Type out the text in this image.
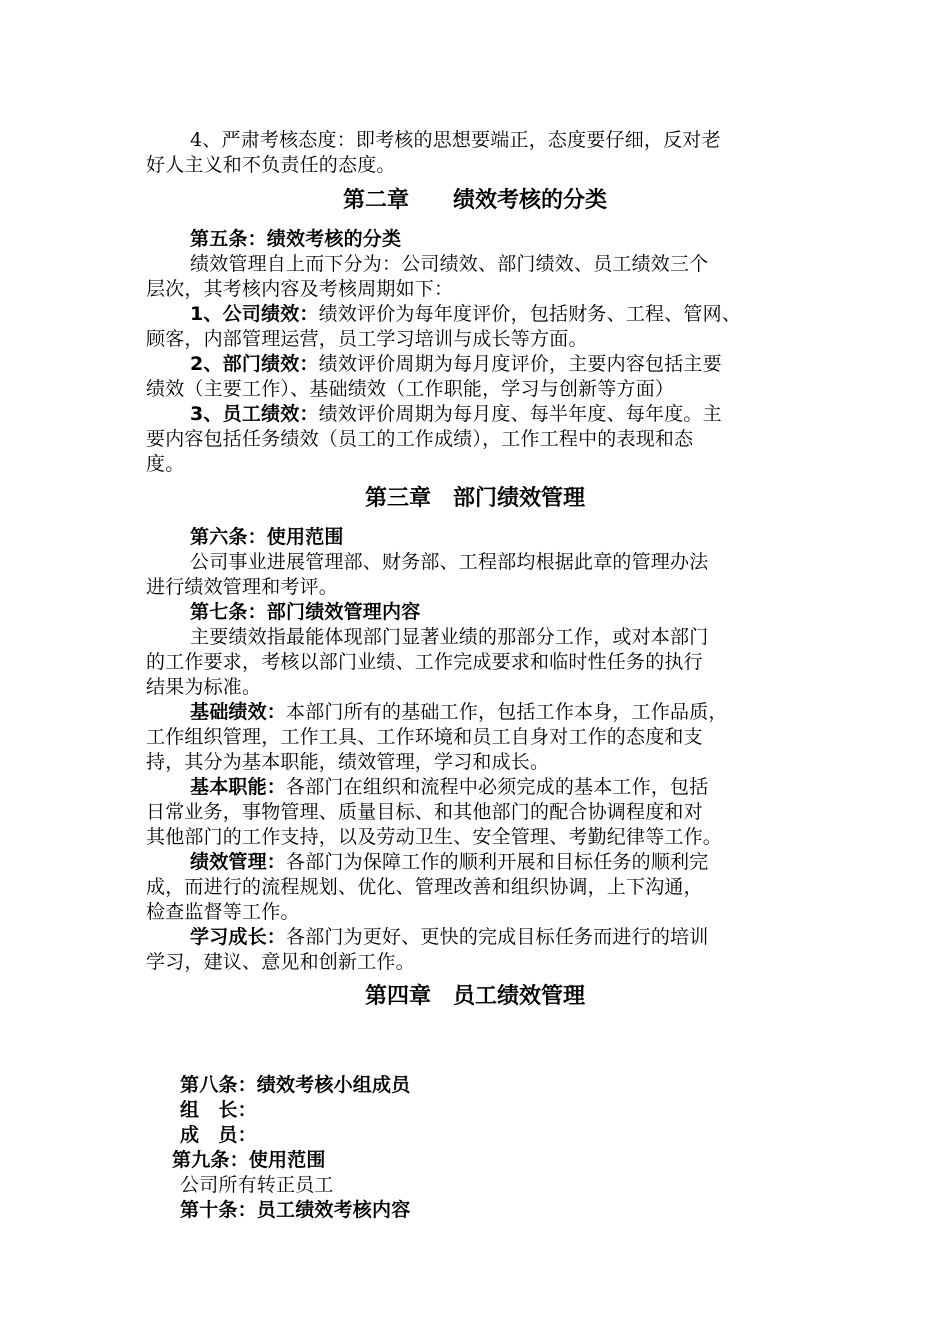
4、严肃考核态度：即考核的思想要端正，态度要仔细，反对老
好人主义和不负责任的态度。
第二章　　绩效考核的分类
第五条：绩效考核的分类
绩效管理自上而下分为：公司绩效、部门绩效、员工绩效三个
层次，其考核内容及考核周期如下：
1、公司绩效：绩效评价为每年度评价，包括财务、工程、管网、
顾客，内部管理运营，员工学习培训与成长等方面。
2、部门绩效：绩效评价周期为每月度评价，主要内容包括主要
绩效（主要工作）、基础绩效（工作职能，学习与创新等方面）
3、员工绩效：绩效评价周期为每月度、每半年度、每年度。主
要内容包括任务绩效（员工的工作成绩），工作工程中的表现和态
度。
第三章　部门绩效管理
第六条：使用范围
公司事业进展管理部、财务部、工程部均根据此章的管理办法
进行绩效管理和考评。
第七条：部门绩效管理内容
主要绩效指最能体现部门显著业绩的那部分工作，或对本部门
的工作要求，考核以部门业绩、工作完成要求和临时性任务的执行
结果为标准。
基础绩效：本部门所有的基础工作，包括工作本身，工作品质，
工作组织管理，工作工具、工作环境和员工自身对工作的态度和支
持，其分为基本职能，绩效管理，学习和成长。
基本职能：各部门在组织和流程中必须完成的基本工作，包括
日常业务，事物管理、质量目标、和其他部门的配合协调程度和对
其他部门的工作支持，以及劳动卫生、安全管理、考勤纪律等工作。
绩效管理：各部门为保障工作的顺利开展和目标任务的顺利完
成，而进行的流程规划、优化、管理改善和组织协调，上下沟通，
检查监督等工作。
学习成长：各部门为更好、更快的完成目标任务而进行的培训
学习，建议、意见和创新工作。
第四章　员工绩效管理
第八条：绩效考核小组成员
组　长：
成　员：
第九条：使用范围
公司所有转正员工
第十条：员工绩效考核内容
